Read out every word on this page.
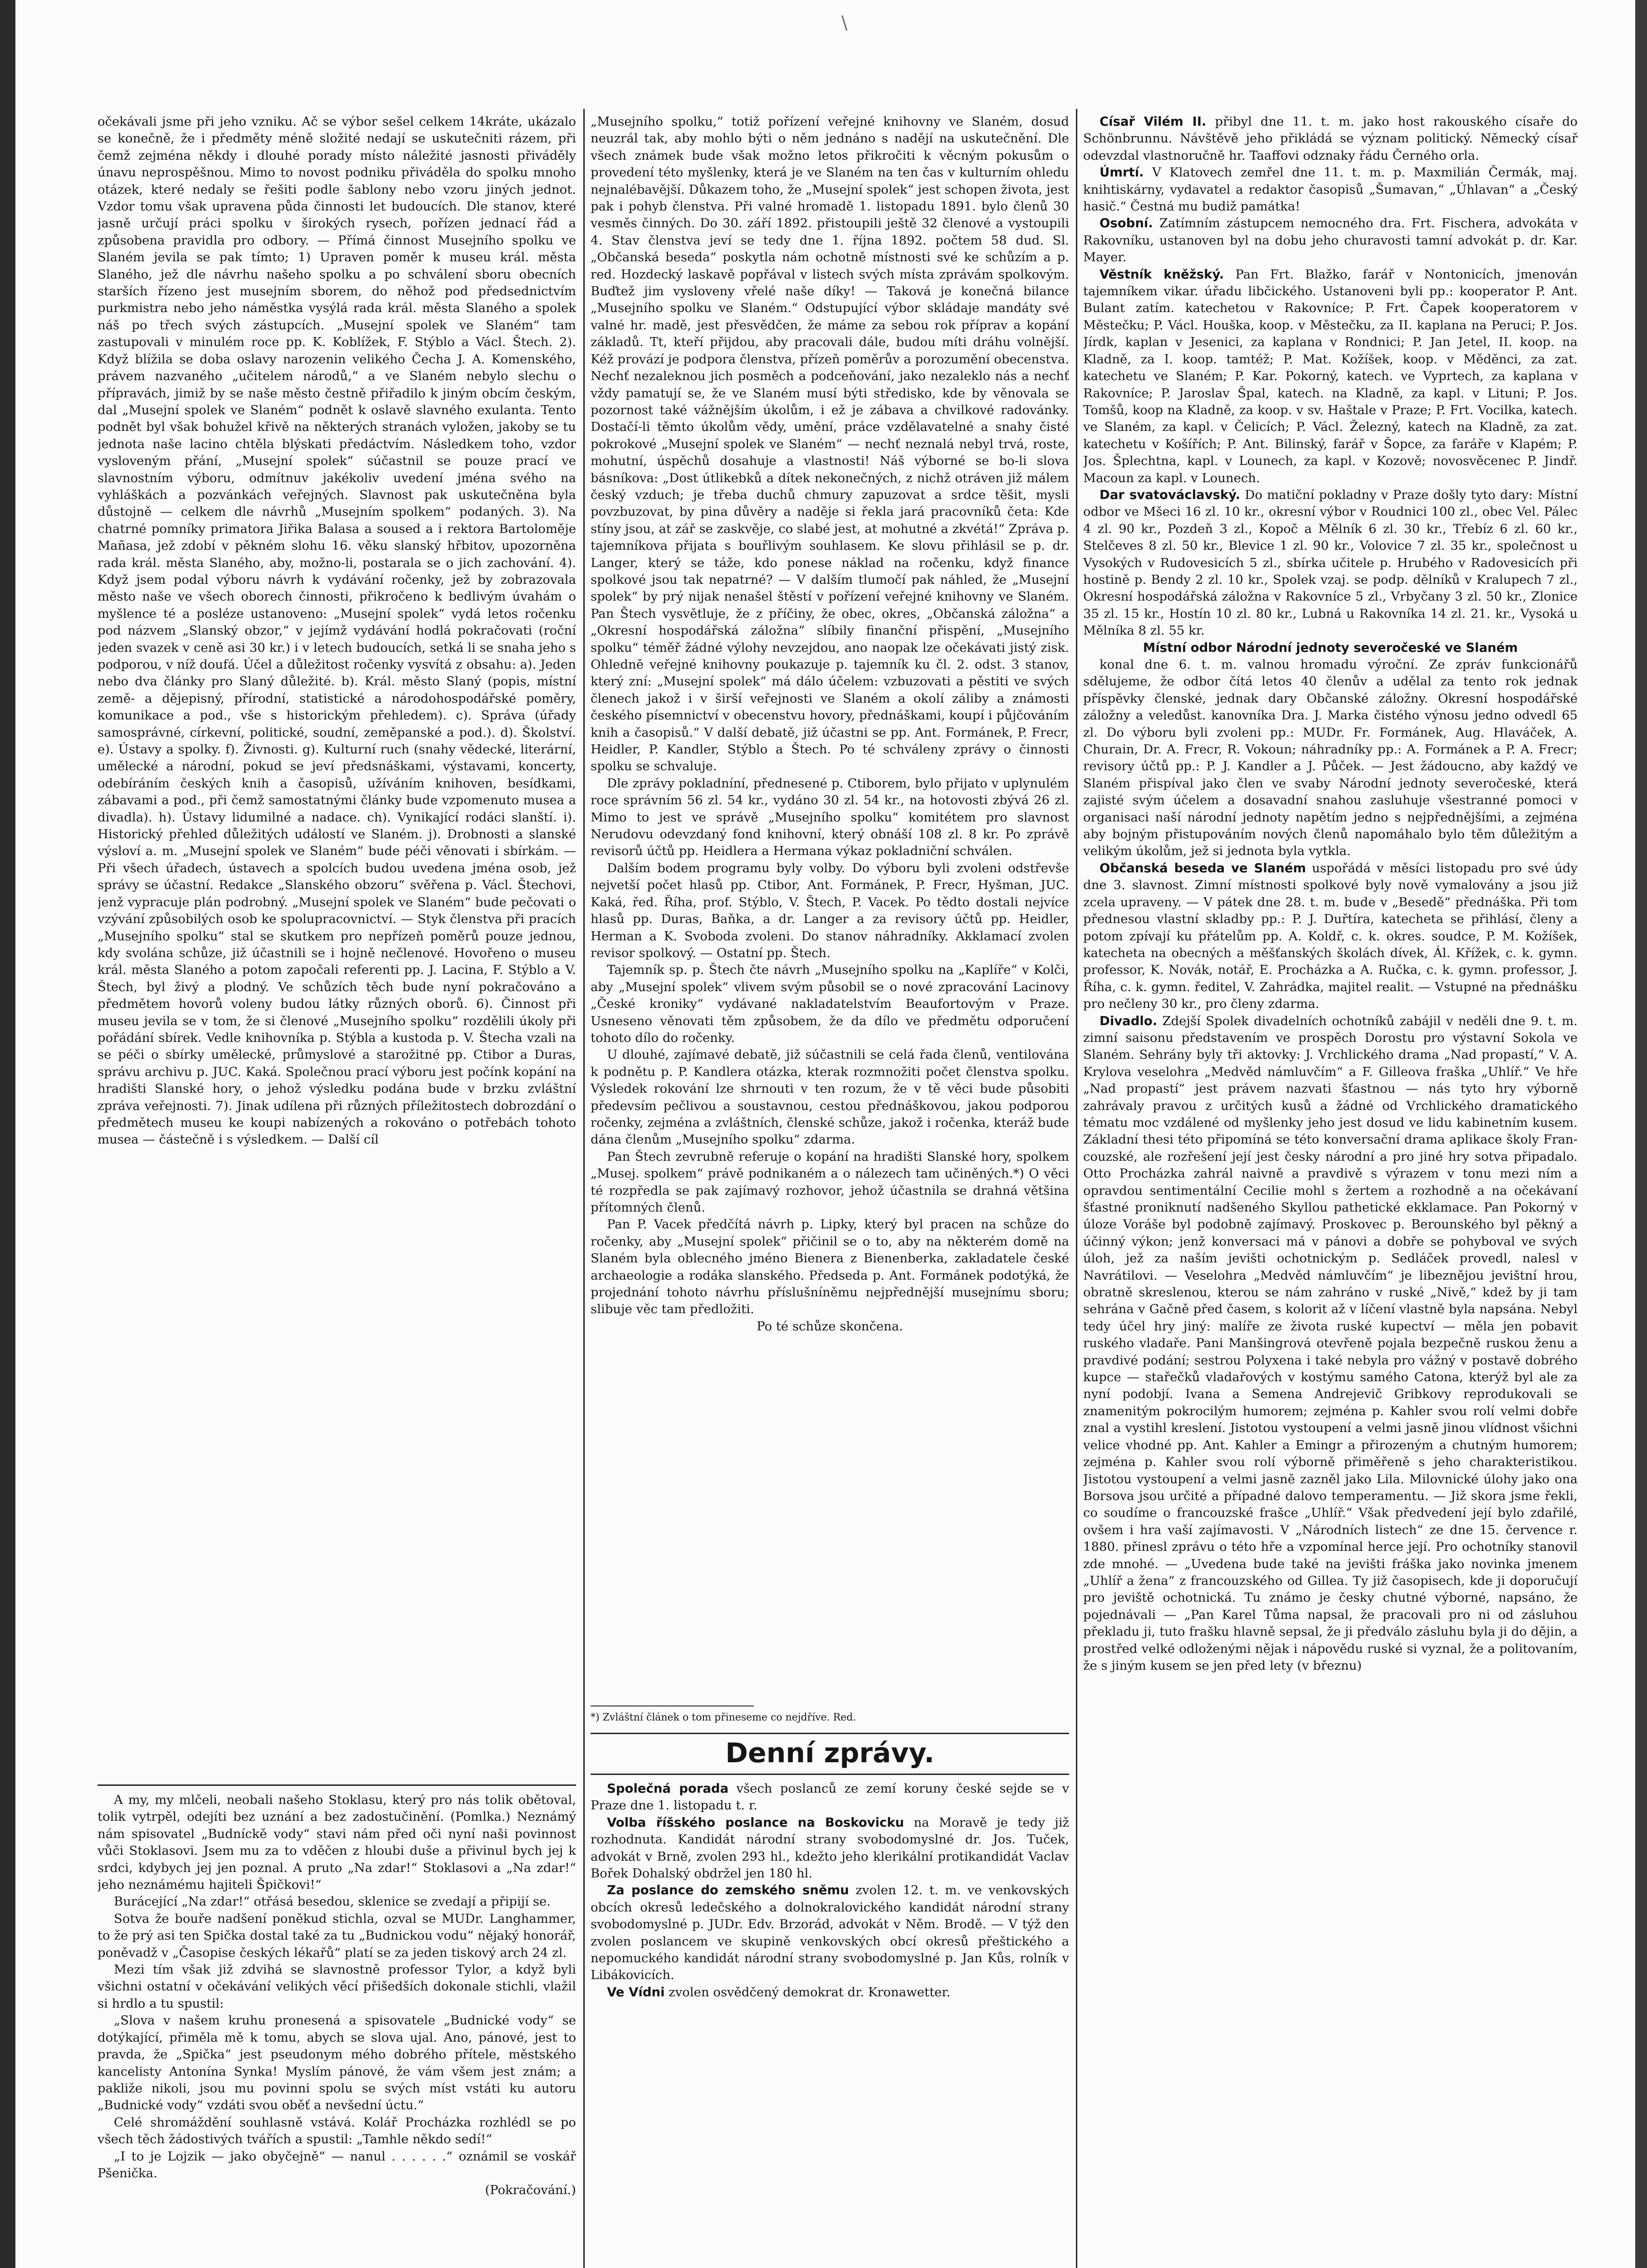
\

očekávali jsme při jeho vzniku. Ač se výbor sešel celkem 14kráte, ukázalo se konečně, že i předměty méně složité nedají se uskutečniti rázem, při čemž zejména někdy i dlouhé porady místo náležité jasnosti přiváděly únavu neprospěšnou. Mimo to novost podniku přiváděla do spolku mnoho otázek, které nedaly se řešiti podle šablony nebo vzoru jiných jednot. Vzdor tomu však upravena půda činnosti let budoucích. Dle stanov, které jasně určují práci spolku v širokých rysech, pořízen jednací řád a způsobena pravidla pro odbory. — Přímá činnost Musejního spolku ve Slaném jevila se pak tímto; 1) Upraven poměr k museu král. města Slaného, jež dle návrhu našeho spolku a po schválení sboru obecních starších řízeno jest musejním sborem, do něhož pod předsednictvím purkmistra nebo jeho náměstka vysýlá rada král. města Slaného a spolek náš po třech svých zástupcích. „Musejní spolek ve Slaném“ tam zastupovali v minulém roce pp. K. Koblížek, F. Stýblo a Václ. Štech. 2). Když blížila se doba oslavy narozenin velikého Čecha J. A. Komenského, právem nazvaného „učitelem národů,“ a ve Slaném nebylo slechu o přípravách, jimiž by se naše město čestně přiřadilo k jiným obcím českým, dal „Musejní spolek ve Slaném“ podnět k oslavě slavného exulanta. Tento podnět byl však bohužel křivě na některých stranách vyložen, jakoby se tu jednota naše lacino chtěla blýskati předáctvím. Následkem toho, vzdor vysloveným přání, „Musejní spolek“ súčastnil se pouze prací ve slavnostním výboru, odmítnuv jakékoliv uvedení jména svého na vyhláškách a pozvánkách veřejných. Slavnost pak uskutečněna byla důstojně — celkem dle návrhů „Musejním spolkem“ podaných. 3). Na chatrné pomníky primatora Jiřika Balasa a soused a i rektora Bartoloměje Mañasa, jež zdobí v pěkném slohu 16. věku slanský hřbitov, upozorněna rada král. města Slaného, aby, možno-li, postarala se o jich zachování. 4). Když jsem podal výboru návrh k vydávání ročenky, jež by zobrazovala město naše ve všech oborech činnosti, přikročeno k bedlivým úvahám o myšlence té a posléze ustanoveno: „Musejní spolek“ vydá letos ročenku pod názvem „Slanský obzor,“ v jejímž vydávání hodlá pokračovati (roční jeden svazek v ceně asi 30 kr.) i v letech budoucích, setká li se snaha jeho s podporou, v níž doufá. Účel a důležitost ročenky vysvítá z obsahu: a). Jeden nebo dva články pro Slaný důležité. b). Král. město Slaný (popis, místní země- a dějepisný, přírodní, statistické a národohospodářské poměry, komunikace a pod., vše s historickým přehledem). c). Správa (úřady samosprávné, církevní, politické, soudní, zeměpanské a pod.). d). Školství. e). Ústavy a spolky. f). Živnosti. g). Kulturní ruch (snahy vědecké, literární, umělecké a národní, pokud se jeví předsnáškami, výstavami, koncerty, odebíráním českých knih a časopisů, užíváním knihoven, besídkami, zábavami a pod., při čemž samostatnými články bude vzpomenuto musea a divadla). h). Ústavy lidumilné a nadace. ch). Vynikající rodáci slanští. i). Historický přehled důležitých událostí ve Slaném. j). Drobnosti a slanské výsloví a. m. „Musejní spolek ve Slaném“ bude péči věnovati i sbírkám. — Při všech úřadech, ústavech a spolcích budou uvedena jména osob, jež správy se účastní. Redakce „Slanského obzoru“ svěřena p. Václ. Štechovi, jenž vypracuje plán podrobný. „Musejní spolek ve Slaném“ bude pečovati o vzývání způsobilých osob ke spolupracovnictví. — Styk členstva při pracích „Musejního spolku“ stal se skutkem pro nepřízeň poměrů pouze jednou, kdy svolána schůze, již účastnili se i hojně nečlenové. Hovořeno o museu král. města Slaného a potom započali referenti pp. J. Lacina, F. Stýblo a V. Štech, byl živý a plodný. Ve schůzích těch bude nyní pokračováno a předmětem hovorů voleny budou látky různých oborů. 6). Činnost při museu jevila se v tom, že si členové „Musejního spolku“ rozdělili úkoly při pořádání sbírek. Vedle knihovníka p. Stýbla a kustoda p. V. Štecha vzali na se péči o sbírky umělecké, průmyslové a starožitné pp. Ctibor a Duras, správu archivu p. JUC. Kaká. Společnou prací výboru jest počínk kopání na hradišti Slanské hory, o jehož výsledku podána bude v brzku zvláštní zpráva veřejnosti. 7). Jinak udílena při různých příležitostech dobrozdání o předmětech museu ke koupi nabízených a rokováno o potřebách tohoto musea — částečně i s výsledkem. — Další cíl

A my, my mlčeli, neobali našeho Stoklasu, který pro nás tolik obětoval, tolik vytrpěl, odejíti bez uznání a bez zadostučinění. (Pomlka.) Neznámý nám spisovatel „Budníckě vody“ stavi nám před oči nyní naši povinnost vůči Stoklasovi. Jsem mu za to vděčen z hloubi duše a přivinul bych jej k srdci, kdybych jej jen poznal. A pruto „Na zdar!“ Stoklasovi a „Na zdar!“ jeho neznámému hajiteli Špičkovi!“

Burácející „Na zdar!“ otřásá besedou, sklenice se zvedají a připijí se.

Sotva že bouře nadšení poněkud stichla, ozval se MUDr. Langhammer, to že prý asi ten Spička dostal také za tu „Budnickou vodu“ nějaký honorář, poněvadž v „Časopise českých lékařů“ platí se za jeden tiskový arch 24 zl.

Mezi tím však již zdvihá se slavnostně professor Tylor, a když byli všichni ostatní v očekávání velikých věcí přišedších dokonale stichli, vlažil si hrdlo a tu spustil:

„Slova v našem kruhu pronesená a spisovatele „Budnické vody“ se dotýkající, přiměla mě k tomu, abych se slova ujal. Ano, pánové, jest to pravda, že „Spička“ jest pseudonym mého dobrého přítele, městského kancelisty Antonína Synka! Myslím pánové, že vám všem jest znám; a pakliže nikoli, jsou mu povinni spolu se svých míst vstáti ku autoru „Budnické vody“ vzdáti svou oběť a nevšední úctu.“

Celé shromáždění souhlasně vstává. Kolář Procházka rozhlédl se po všech těch žádostivých tvářích a spustil: „Tamhle někdo sedí!“

„I to je Lojzik — jako obyčejně“ — nanul . . . . . .“ oznámil se voskář Pšenička.

(Pokračování.)

„Musejního spolku,“ totiž pořízení veřejné knihovny ve Slaném, dosud neuzrál tak, aby mohlo býti o něm jednáno s nadějí na uskutečnění. Dle všech známek bude však možno letos přikročiti k věcným pokusům o provedení této myšlenky, která je ve Slaném na ten čas v kulturním ohledu nejnalébavější. Důkazem toho, že „Musejní spolek“ jest schopen života, jest pak i pohyb členstva. Při valné hromadě 1. listopadu 1891. bylo členů 30 vesměs činných. Do 30. září 1892. přistoupili ještě 32 členové a vystoupili 4. Stav členstva jeví se tedy dne 1. října 1892. počtem 58 dud. Sl. „Občanská beseda“ poskytla nám ochotně místnosti své ke schůzím a p. red. Hozdecký laskavě popřával v listech svých místa zprávám spolkovým. Buďtež jim vysloveny vřelé naše díky! — Taková je konečná bilance „Musejního spolku ve Slaném.“ Odstupující výbor skládaje mandáty své valné hr. madě, jest přesvědčen, že máme za sebou rok příprav a kopání základů. Tt, kteří přijdou, aby pracovali dále, budou míti dráhu volnější. Kéž provází je podpora členstva, přízeň poměrův a porozumění obecenstva. Nechť nezaleknou jich posměch a podceňování, jako nezaleklo nás a nechť vždy pamatují se, že ve Slaném musí býti středisko, kde by věnovala se pozornost také vážnějším úkolům, i ež je zábava a chvilkové radovánky. Dostačí-li těmto úkolům vědy, umění, práce vzdělavatelné a snahy čisté pokrokové „Musejní spolek ve Slaném“ — nechť neznalá nebyl trvá, roste, mohutní, úspěchů dosahuje a vlastnosti! Náš výborné se bo-li slova básníkova: „Dost útlikebků a dítek nekonečných, z nichž otráven již málem český vzduch; je třeba duchů chmury zapuzovat a srdce těšit, mysli povzbuzovat, by pina důvěry a naděje si řekla jará pracovníků četa: Kde stíny jsou, at zář se zaskvěje, co slabé jest, at mohutné a zkvétá!“ Zpráva p. tajemníkova přijata s bouřlivým souhlasem. Ke slovu přihlásil se p. dr. Langer, který se táže, kdo ponese náklad na ročenku, když finance spolkové jsou tak nepatrné? — V dalším tlumočí pak náhled, že „Musejní spolek“ by prý nijak nenašel štěstí v pořízení veřejné knihovny ve Slaném. Pan Štech vysvětluje, že z příčiny, že obec, okres, „Občanská záložna“ a „Okresní hospodářská záložna“ slíbily finanční přispění, „Musejního spolku“ téměř žádné výlohy nevzejdou, ano naopak lze očekávati jistý zisk. Ohledně veřejné knihovny poukazuje p. tajemník ku čl. 2. odst. 3 stanov, který zní: „Musejní spolek“ má dálo účelem: vzbuzovati a pěstiti ve svých členech jakož i v širší veřejnosti ve Slaném a okolí záliby a známosti českého písemnictví v obecenstvu hovory, přednáškami, koupí i půjčováním knih a časopisů.“ V další debatě, již účastni se pp. Ant. Formánek, P. Frecr, Heidler, P. Kandler, Stýblo a Štech. Po té schváleny zprávy o činnosti spolku se schvaluje.

Dle zprávy pokladníní, přednesené p. Ctiborem, bylo přijato v uplynulém roce správním 56 zl. 54 kr., vydáno 30 zl. 54 kr., na hotovosti zbývá 26 zl. Mimo to jest ve správě „Musejního spolku“ komitétem pro slavnost Nerudovu odevzdaný fond knihovní, který obnáší 108 zl. 8 kr. Po zprávě revisorů účtů pp. Heidlera a Hermana výkaz pokladniční schválen.

Dalším bodem programu byly volby. Do výboru byli zvoleni odstřevše nejvetší počet hlasů pp. Ctibor, Ant. Formánek, P. Frecr, Hyšman, JUC. Kaká, řed. Říha, prof. Stýblo, V. Štech, P. Vacek. Po tědto dostali nejvíce hlasů pp. Duras, Baňka, a dr. Langer a za revisory účtů pp. Heidler, Herman a K. Svoboda zvoleni. Do stanov náhradníky. Akklamací zvolen revisor spolkový. — Ostatní pp. Štech.

Tajemník sp. p. Štech čte návrh „Musejního spolku na „Kaplíře“ v Kolči, aby „Musejní spolek“ vlivem svým působil se o nové zpracování Lacinovy „České kroniky“ vydávané nakladatelstvím Beaufortovým v Praze. Usneseno věnovati těm způsobem, že da dílo ve předmětu odporučení tohoto dílo do ročenky.

U dlouhé, zajímavé debatě, již súčastnili se celá řada členů, ventilována k podnětu p. P. Kandlera otázka, kterak rozmnožiti počet členstva spolku. Výsledek rokování lze shrnouti v ten rozum, že v tě věci bude působiti předevsím pečlivou a soustavnou, cestou přednáškovou, jakou podporou ročenky, zejména a zvláštních, členské schůze, jakož i ročenka, kteráž bude dána členům „Musejního spolku“ zdarma.

Pan Štech zevrubně referuje o kopání na hradišti Slanské hory, spolkem „Musej. spolkem“ právě podnikaném a o nálezech tam učiněných.*) O věci té rozpředla se pak zajímavý rozhovor, jehož účastnila se drahná většina přítomných členů.

Pan P. Vacek předčítá návrh p. Lipky, který byl pracen na schůze do ročenky, aby „Musejní spolek“ přičinil se o to, aby na některém domě na Slaném byla oblecného jméno Bienera z Bienenberka, zakladatele české archaeologie a rodáka slanského. Předseda p. Ant. Formánek podotýká, že projednání tohoto návrhu příslušníněmu nejpřednější musejnímu sboru; slibuje věc tam předložiti.

Po té schůze skončena.

*) Zvláštní článek o tom přineseme co nejdříve. Red.
Denní zprávy.

Společná porada všech poslanců ze zemí koruny české sejde se v Praze dne 1. listopadu t. r.

Volba říšského poslance na Boskovicku na Moravě je tedy již rozhodnuta. Kandidát národní strany svobodomyslné dr. Jos. Tuček, advokát v Brně, zvolen 293 hl., kdežto jeho klerikální protikandidát Vaclav Bořek Dohalský obdržel jen 180 hl.

Za poslance do zemského sněmu zvolen 12. t. m. ve venkovských obcích okresů ledečského a dolnokralovického kandidát národní strany svobodomyslné p. JUDr. Edv. Brzorád, advokát v Něm. Brodě. — V týž den zvolen poslancem ve skupině venkovských obcí okresů přeštického a nepomuckého kandidát národní strany svobodomyslné p. Jan Kůs, rolník v Libákovicích.

Ve Vídni zvolen osvědčený demokrat dr. Kronawetter.

Císař Vilém II. přibyl dne 11. t. m. jako host rakouského císaře do Schönbrunnu. Návštěvě jeho přikládá se význam politický. Německý císař odevzdal vlastnoručně hr. Taaffovi odznaky řádu Černého orla.

Úmrtí. V Klatovech zemřel dne 11. t. m. p. Maxmilián Čermák, maj. knihtiskárny, vydavatel a redaktor časopisů „Šumavan,“ „Úhlavan“ a „Český hasič.“ Čestná mu budiž památka!

Osobní. Zatímním zástupcem nemocného dra. Frt. Fischera, advokáta v Rakovníku, ustanoven byl na dobu jeho churavosti tamní advokát p. dr. Kar. Mayer.

Věstník kněžský. Pan Frt. Blažko, farář v Nontonicích, jmenován tajemníkem vikar. úřadu libčického. Ustanoveni byli pp.: kooperator P. Ant. Bulant zatím. katechetou v Rakovníce; P. Frt. Čapek kooperatorem v Městečku; P. Václ. Houška, koop. v Městečku, za II. kaplana na Peruci; P. Jos. Jírdk, kaplan v Jesenici, za kaplana v Rondnici; P. Jan Jetel, II. koop. na Kladně, za I. koop. tamtéž; P. Mat. Kožíšek, koop. v Měděnci, za zat. katechetu ve Slaném; P. Kar. Pokorný, katech. ve Vyprtech, za kaplana v Rakovníce; P. Jaroslav Špal, katech. na Kladně, za kapl. v Lituni; P. Jos. Tomšů, koop na Kladně, za koop. v sv. Haštale v Praze; P. Frt. Vocilka, katech. ve Slaném, za kapl. v Čelicích; P. Václ. Železný, katech na Kladně, za zat. katechetu v Košířích; P. Ant. Bilinský, farář v Šopce, za faráře v Klapém; P. Jos. Šplechtna, kapl. v Lounech, za kapl. v Kozově; novosvěcenec P. Jindř. Macoun za kapl. v Lounech.

Dar svatováclavský. Do matiční pokladny v Praze došly tyto dary: Místní odbor ve Mšeci 16 zl. 10 kr., okresní výbor v Roudnici 100 zl., obec Vel. Pálec 4 zl. 90 kr., Pozdeň 3 zl., Kopoč a Mělník 6 zl. 30 kr., Třebíz 6 zl. 60 kr., Stelčeves 8 zl. 50 kr., Blevice 1 zl. 90 kr., Volovice 7 zl. 35 kr., společnost u Vysokých v Rudovesicích 5 zl., sbírka učitele p. Hrubého v Radovesicích při hostině p. Bendy 2 zl. 10 kr., Spolek vzaj. se podp. dělníků v Kralupech 7 zl., Okresní hospodářská záložna v Rakovníce 5 zl., Vrbyčany 3 zl. 50 kr., Zlonice 35 zl. 15 kr., Hostín 10 zl. 80 kr., Lubná u Rakovníka 14 zl. 21. kr., Vysoká u Mělníka 8 zl. 55 kr.

Místní odbor Národní jednoty severočeské ve Slaném

konal dne 6. t. m. valnou hromadu výroční. Ze zpráv funkcionářů sdělujeme, že odbor čítá letos 40 členův a udělal za tento rok jednak příspěvky členské, jednak dary Občanské záložny. Okresní hospodářské záložny a veledůst. kanovníka Dra. J. Marka čistého výnosu jedno odvedl 65 zl. Do výboru byli zvoleni pp.: MUDr. Fr. Formánek, Aug. Hlaváček, A. Churain, Dr. A. Frecr, R. Vokoun; náhradníky pp.: A. Formánek a P. A. Frecr; revisory účtů pp.: P. J. Kandler a J. Půček. — Jest žádoucno, aby každý ve Slaném přispíval jako člen ve svaby Národní jednoty severočeské, která zajisté svým účelem a dosavadní snahou zasluhuje všestranné pomoci v organisaci naší národní jednoty napětím jedno s nejpřednějšími, a zejména aby bojným přistupováním nových členů napomáhalo bylo těm důležitým a velikým úkolům, jež si jednota byla vytkla.

Občanská beseda ve Slaném uspořádá v měsíci listopadu pro své údy dne 3. slavnost. Zimní místnosti spolkové byly nově vymalovány a jsou již zcela upraveny. — V pátek dne 28. t. m. bude v „Besedě“ přednáška. Při tom přednesou vlastní skladby pp.: P. J. Duřtíra, katecheta se přihlásí, členy a potom zpívají ku přátelům pp. A. Koldř, c. k. okres. soudce, P. M. Kožíšek, katecheta na obecných a měšťanských školách dívek, Ál. Křížek, c. k. gymn. professor, K. Novák, notář, E. Procházka a A. Ručka, c. k. gymn. professor, J. Říha, c. k. gymn. ředitel, V. Zahrádka, majitel realit. — Vstupné na přednášku pro nečleny 30 kr., pro členy zdarma.

Divadlo. Zdejší Spolek divadelních ochotníků zabájil v neděli dne 9. t. m. zimní saisonu představením ve prospěch Dorostu pro výstavní Sokola ve Slaném. Sehrány byly tři aktovky: J. Vrchlického drama „Nad propastí,“ V. A. Krylova veselohra „Medvěd námluvčím“ a F. Gilleova fraška „Uhlíř.“ Ve hře „Nad propastí“ jest právem nazvati šťastnou — nás tyto hry výborně zahrávaly pravou z určitých kusů a žádné od Vrchlického dramatického tématu moc vzdálené od myšlenky jeho jest dosud ve lidu kabinetním kusem. Základní thesi této připomíná se této konversační drama aplikace školy Fran-couzské, ale rozřešení její jest česky národní a pro jiné hry sotva připadalo. Otto Procházka zahrál naivně a pravdivě s výrazem v tonu mezi ním a opravdou sentimentální Cecilie mohl s žertem a rozhodně a na očekávaní šťastné proniknutí nadšeného Skyllou pathetické ekklamace. Pan Pokorný v úloze Voráše byl podobně zajímavý. Proskovec p. Berounského byl pěkný a účinný výkon; jenž konversaci má v pánovi a dobře se pohyboval ve svých úloh, jež za naším jevišti ochotnickým p. Sedláček provedl, nalesl v Navrátilovi. — Veselohra „Medvěd námluvčím“ je libeznějou jevištní hrou, obratně skreslenou, kterou se nám zahráno v ruské „Nivě,“ kdež by ji tam sehrána v Gačně před časem, s kolorit až v líčení vlastně byla napsána. Nebyl tedy účel hry jiný: malíře ze života ruské kupectví — měla jen pobavit ruského vladaře. Pani Manšingrová otevřeně pojala bezpečně ruskou ženu a pravdivé podání; sestrou Polyxena i také nebyla pro vážný v postavě dobrého kupce — stařečků vladařových v kostýmu samého Catona, kterýž byl ale za nyní podobjí. Ivana a Semena Andrejevič Gribkovy reprodukovali se znamenitým pokrocilým humorem; zejména p. Kahler svou rolí velmi dobře znal a vystihl kreslení. Jistotou vystoupení a velmi jasně jinou vlídnost všichni velice vhodné pp. Ant. Kahler a Emingr a přirozeným a chutným humorem; zejména p. Kahler svou rolí výborně přiměřeně s jeho charakteristikou. Jistotou vystoupení a velmi jasně zazněl jako Lila. Milovnické úlohy jako ona Borsova jsou určité a případné dalovo temperamentu. — Již skora jsme řekli, co soudíme o francouzské frašce „Uhlíř.“ Však předvedení její bylo zdařilé, ovšem i hra vaší zajímavosti. V „Národních listech“ ze dne 15. července r. 1880. přinesl zprávu o této hře a vzpomínal herce její. Pro ochotníky stanovil zde mnohé. — „Uvedena bude také na jevišti fráška jako novinka jmenem „Uhlíř a žena“ z francouzského od Gillea. Ty již časopisech, kde ji doporučují pro jeviště ochotnická. Tu známo je česky chutné výborné, napsáno, že pojednávali — „Pan Karel Tůma napsal, že pracovali pro ni od zásluhou překladu ji, tuto frašku hlavně sepsal, že ji předválo zásluhu byla ji do dějin, a prostřed velké odloženými nějak i nápovědu ruské si vyznal, že a politovaním, že s jiným kusem se jen před lety (v březnu)
